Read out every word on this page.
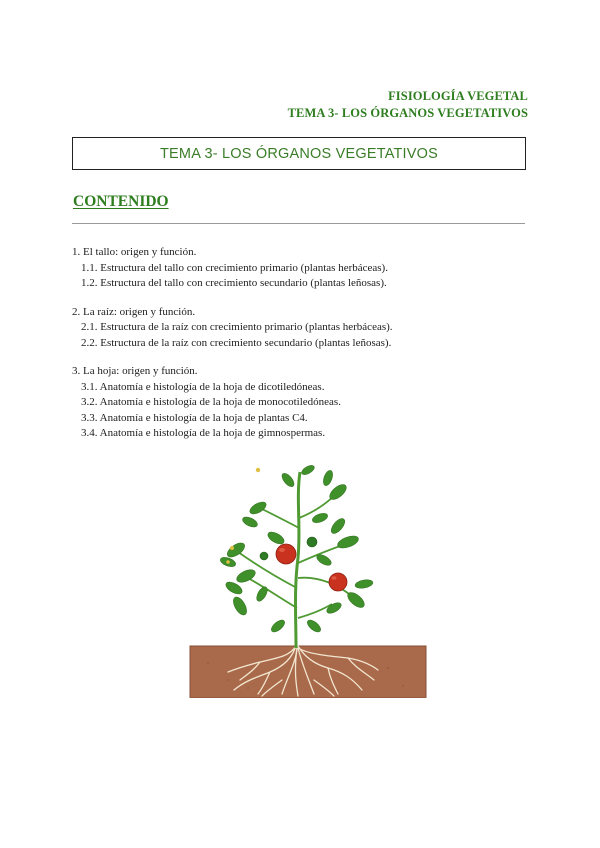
FISIOLOGÍA VEGETAL
TEMA 3- LOS ÓRGANOS VEGETATIVOS
TEMA 3- LOS ÓRGANOS VEGETATIVOS
CONTENIDO
1. El tallo: origen y función.
1.1. Estructura del tallo con crecimiento primario (plantas herbáceas).
1.2. Estructura del tallo con crecimiento secundario (plantas leñosas).
2. La raíz: origen y función.
2.1. Estructura de la raíz con crecimiento primario (plantas herbáceas).
2.2. Estructura de la raíz con crecimiento secundario (plantas leñosas).
3. La hoja: origen y función.
3.1. Anatomía e histología de la hoja de dicotiledóneas.
3.2. Anatomía e histología de la hoja de monocotiledóneas.
3.3. Anatomía e histología de la hoja de plantas C4.
3.4. Anatomía e histología de la hoja de gimnospermas.
